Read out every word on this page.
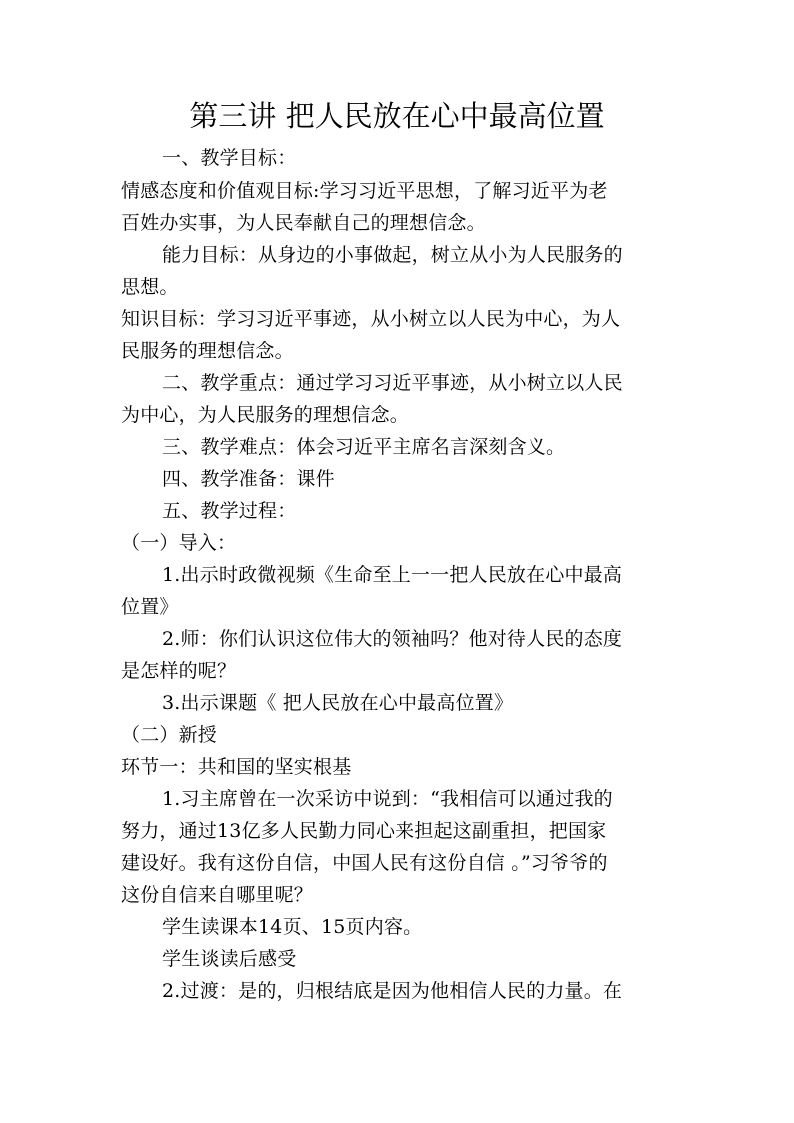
第三讲 把人民放在心中最高位置
一、教学目标：
情感态度和价值观目标:学习习近平思想，了解习近平为老
百姓办实事，为人民奉献自己的理想信念。
能力目标：从身边的小事做起，树立从小为人民服务的
思想。
知识目标：学习习近平事迹，从小树立以人民为中心，为人
民服务的理想信念。
二、教学重点：通过学习习近平事迹，从小树立以人民
为中心，为人民服务的理想信念。
三、教学难点：体会习近平主席名言深刻含义。
四、教学准备：课件
五、教学过程：
（一）导入：
1.出示时政微视频《生命至上一一把人民放在心中最高
位置》
2.师：你们认识这位伟大的领袖吗？他对待人民的态度
是怎样的呢？
3.出示课题《 把人民放在心中最高位置》
（二）新授
环节一：共和国的坚实根基
1.习主席曾在一次采访中说到：“我相信可以通过我的
努力，通过13亿多人民勤力同心来担起这副重担，把国家
建设好。我有这份自信，中国人民有这份自信 。”习爷爷的
这份自信来自哪里呢？
学生读课本14页、15页内容。
学生谈读后感受
2.过渡：是的，归根结底是因为他相信人民的力量。在
